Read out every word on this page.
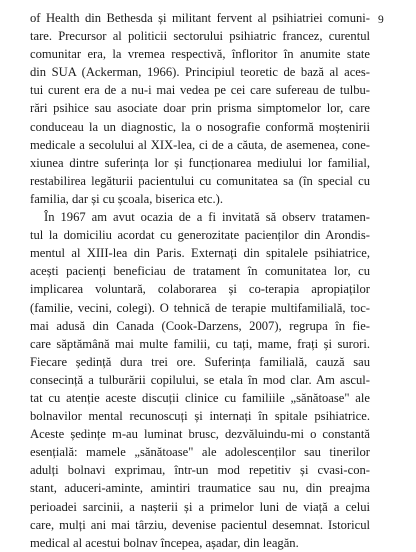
9
of Health din Bethesda și militant fervent al psihiatriei comuni-
tare. Precursor al politicii sectorului psihiatric francez, curentul
comunitar era, la vremea respectivă, înfloritor în anumite state
din SUA (Ackerman, 1966). Principiul teoretic de bază al aces-
tui curent era de a nu-i mai vedea pe cei care sufereau de tulbu-
rări psihice sau asociate doar prin prisma simptomelor lor, care
conduceau la un diagnostic, la o nosografie conformă moștenirii
medicale a secolului al XIX-lea, ci de a căuta, de asemenea, cone-
xiunea dintre suferința lor și funcționarea mediului lor familial,
restabilirea legăturii pacientului cu comunitatea sa (în special cu
familia, dar și cu școala, biserica etc.).
În 1967 am avut ocazia de a fi invitată să observ tratamen-
tul la domiciliu acordat cu generozitate pacienților din Arondis-
mentul al XIII-lea din Paris. Externați din spitalele psihiatrice,
acești pacienți beneficiau de tratament în comunitatea lor, cu
implicarea voluntară, colaborarea și co-terapia apropiaților
(familie, vecini, colegi). O tehnică de terapie multifamilială, toc-
mai adusă din Canada (Cook-Darzens, 2007), regrupa în fie-
care săptămână mai multe familii, cu tați, mame, frați și surori.
Fiecare ședință dura trei ore. Suferința familială, cauză sau
consecință a tulburării copilului, se etala în mod clar. Am ascul-
tat cu atenție aceste discuții clinice cu familiile „sănătoase" ale
bolnavilor mental recunoscuți și internați în spitale psihiatrice.
Aceste ședințe m-au luminat brusc, dezvăluindu-mi o constantă
esențială: mamele „sănătoase" ale adolescenților sau tinerilor
adulți bolnavi exprimau, într-un mod repetitiv și cvasi-con-
stant, aduceri-aminte, amintiri traumatice sau nu, din preajma
perioadei sarcinii, a nașterii și a primelor luni de viață a celui
care, mulți ani mai târziu, devenise pacientul desemnat. Istoricul
medical al acestui bolnav începea, așadar, din leagăn.
